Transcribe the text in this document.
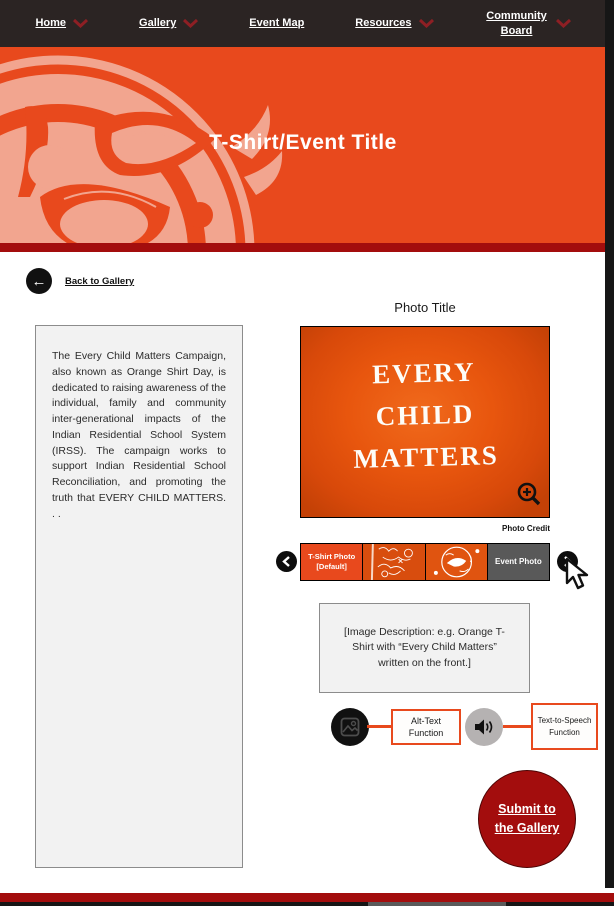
Home	Gallery	Event Map	Resources
Community Board
T-Shirt/Event Title
← Back to Gallery
The Every Child Matters Campaign, also known as Orange Shirt Day, is dedicated to raising awareness of the individual, family and community inter-generational impacts of the Indian Residential School System (IRSS). The campaign works to support Indian Residential School Reconciliation, and promoting the truth that EVERY CHILD MATTERS. . .
Photo Title
EVERY
CHILD
MATTERS
Photo Credit
T-Shirt Photo
[Default]
Event Photo
[Image Description: e.g. Orange T-Shirt with “Every Child Matters” written on the front.]
Alt-Text Function
Text-to-Speech Function
Submit to the Gallery
